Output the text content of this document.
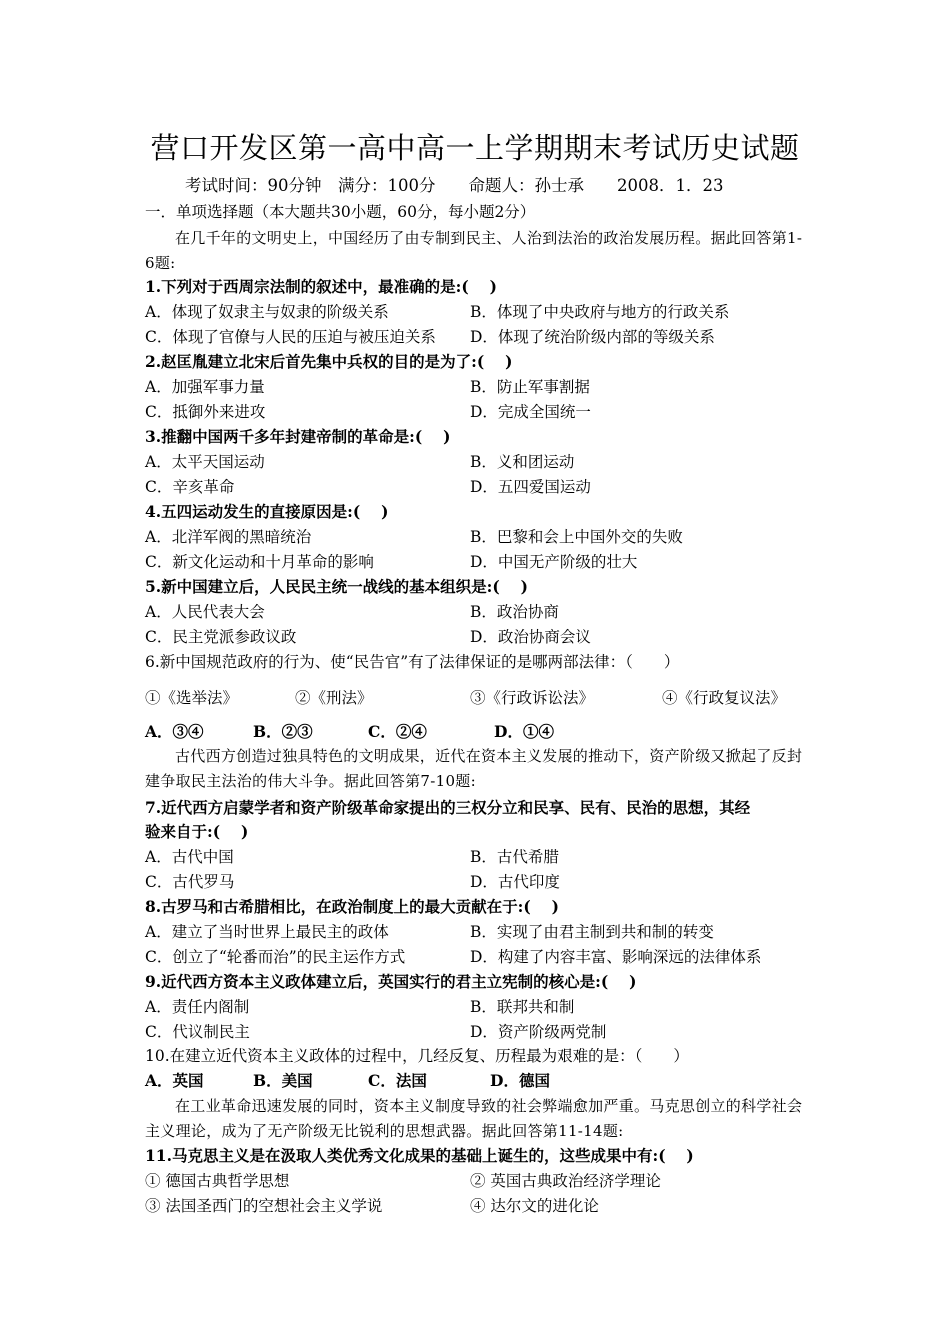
营口开发区第一高中高一上学期期末考试历史试题
考试时间：90分钟　满分：100分　　命题人：孙士承　　2008．1．23
一．单项选择题（本大题共30小题，60分，每小题2分）
在几千年的文明史上，中国经历了由专制到民主、人治到法治的政治发展历程。据此回答第1-6题:
1.下列对于西周宗法制的叙述中，最准确的是:(　 )
A．体现了奴隶主与奴隶的阶级关系	B．体现了中央政府与地方的行政关系
C．体现了官僚与人民的压迫与被压迫关系 D．体现了统治阶级内部的等级关系
2.赵匡胤建立北宋后首先集中兵权的目的是为了:(　 )
A．加强军事力量	B．防止军事割据
C．抵御外来进攻	D．完成全国统一
3.推翻中国两千多年封建帝制的革命是:(　 )
A．太平天国运动	B．义和团运动
C．辛亥革命	D．五四爱国运动
4.五四运动发生的直接原因是:(　 )
A．北洋军阀的黑暗统治	B．巴黎和会上中国外交的失败
C．新文化运动和十月革命的影响	D．中国无产阶级的壮大
5.新中国建立后，人民民主统一战线的基本组织是:(　 )
A．人民代表大会	B．政治协商
C．民主党派参政议政	D．政治协商会议
6.新中国规范政府的行为、使“民告官”有了法律保证的是哪两部法律：（　　）
①《选举法》	②《刑法》	③《行政诉讼法》	④《行政复议法》
A．③④	B．②③	C．②④	D．①④
古代西方创造过独具特色的文明成果，近代在资本主义发展的推动下，资产阶级又掀起了反封建争取民主法治的伟大斗争。据此回答第7-10题:
7.近代西方启蒙学者和资产阶级革命家提出的三权分立和民享、民有、民治的思想，其经
验来自于:(　 )
A．古代中国	B．古代希腊
C．古代罗马	D．古代印度
8.古罗马和古希腊相比，在政治制度上的最大贡献在于:(　 )
A．建立了当时世界上最民主的政体	B．实现了由君主制到共和制的转变
C．创立了“轮番而治”的民主运作方式	D．构建了内容丰富、影响深远的法律体系
9.近代西方资本主义政体建立后，英国实行的君主立宪制的核心是:(　 )
A．责任内阁制	B．联邦共和制
C．代议制民主	D．资产阶级两党制
10.在建立近代资本主义政体的过程中，几经反复、历程最为艰难的是：（　　）
A．英国	B．美国	C．法国	D．德国
在工业革命迅速发展的同时，资本主义制度导致的社会弊端愈加严重。马克思创立的科学社会主义理论，成为了无产阶级无比锐利的思想武器。据此回答第11-14题:
11.马克思主义是在汲取人类优秀文化成果的基础上诞生的，这些成果中有:(　 )
① 德国古典哲学思想	② 英国古典政治经济学理论
③ 法国圣西门的空想社会主义学说	④ 达尔文的进化论
